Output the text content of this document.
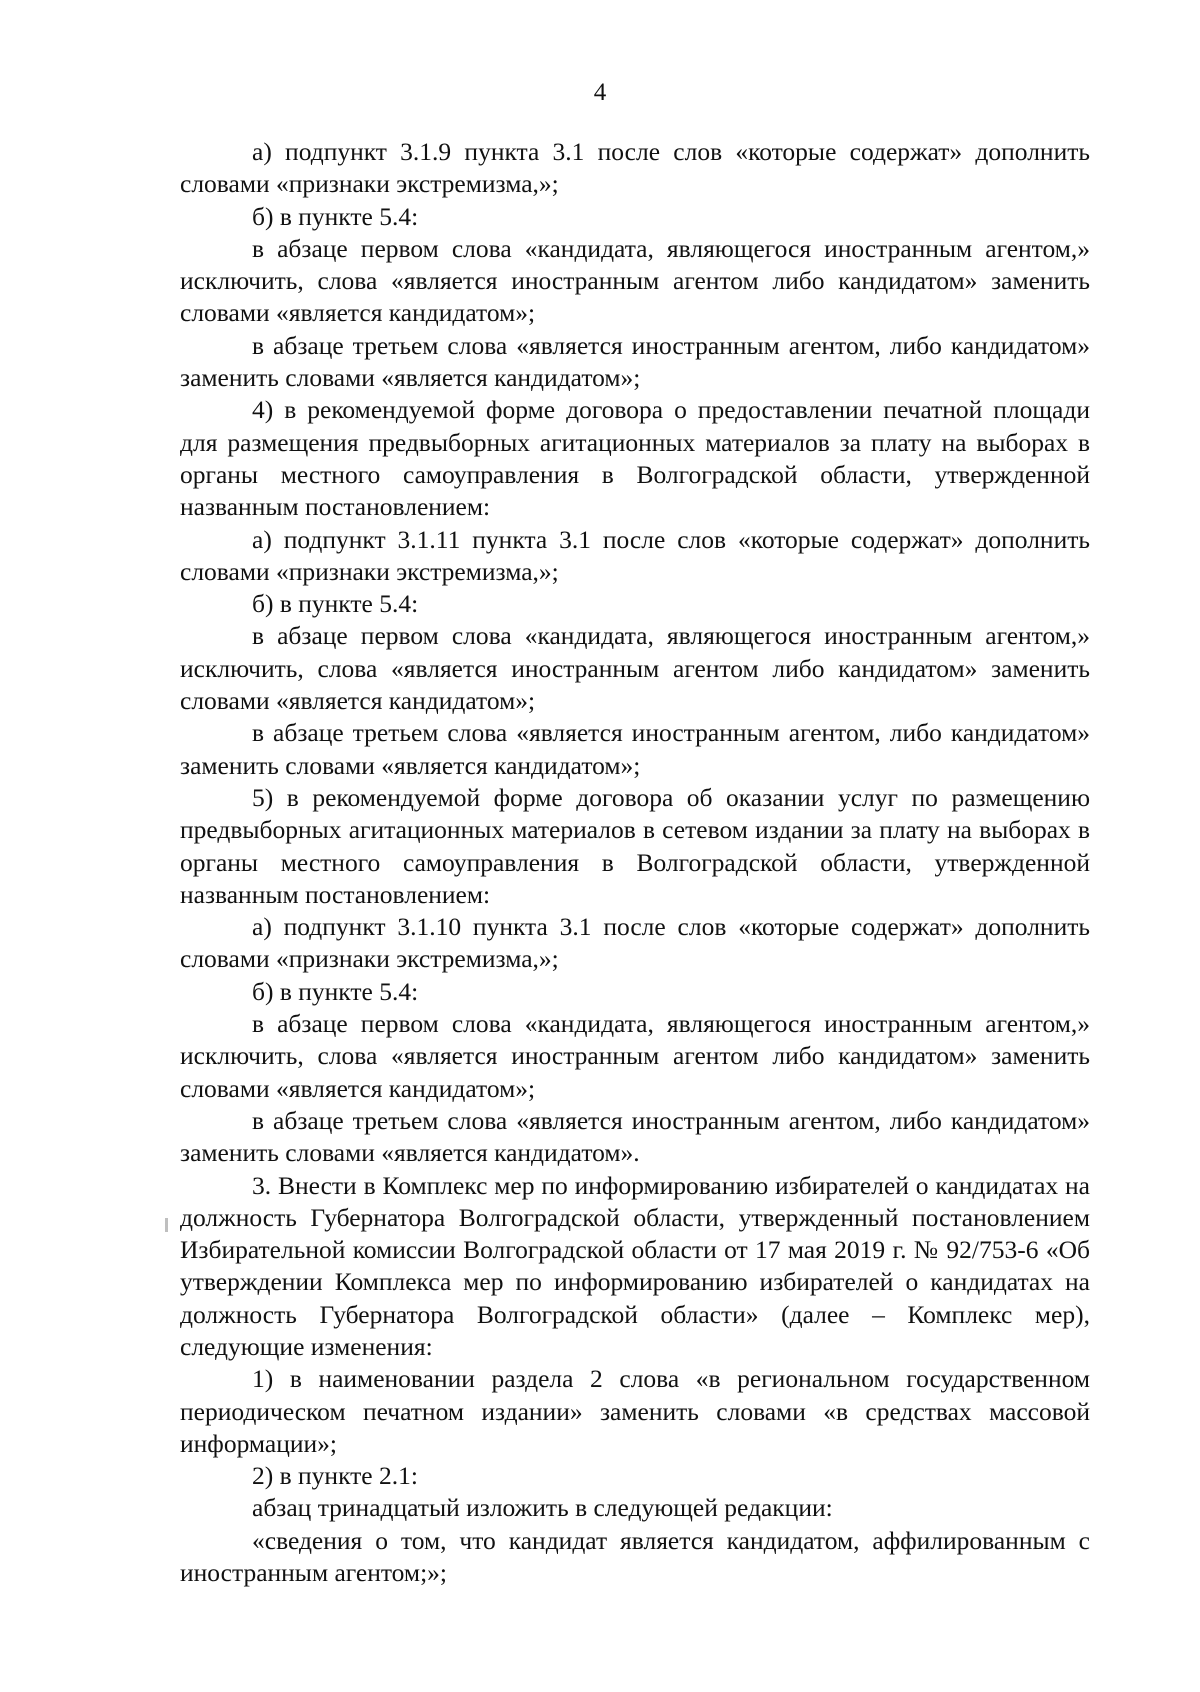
4

а) подпункт 3.1.9 пункта 3.1 после слов «которые содержат» дополнить словами «признаки экстремизма,»;

б) в пункте 5.4:

в абзаце первом слова «кандидата, являющегося иностранным агентом,» исключить, слова «является иностранным агентом либо кандидатом» заменить словами «является кандидатом»;

в абзаце третьем слова «является иностранным агентом, либо кандидатом» заменить словами «является кандидатом»;

4) в рекомендуемой форме договора о предоставлении печатной площади для размещения предвыборных агитационных материалов за плату на выборах в органы местного самоуправления в Волгоградской области, утвержденной названным постановлением:

а) подпункт 3.1.11 пункта 3.1 после слов «которые содержат» дополнить словами «признаки экстремизма,»;

б) в пункте 5.4:

в абзаце первом слова «кандидата, являющегося иностранным агентом,» исключить, слова «является иностранным агентом либо кандидатом» заменить словами «является кандидатом»;

в абзаце третьем слова «является иностранным агентом, либо кандидатом» заменить словами «является кандидатом»;

5) в рекомендуемой форме договора об оказании услуг по размещению предвыборных агитационных материалов в сетевом издании за плату на выборах в органы местного самоуправления в Волгоградской области, утвержденной названным постановлением:

а) подпункт 3.1.10 пункта 3.1 после слов «которые содержат» дополнить словами «признаки экстремизма,»;

б) в пункте 5.4:

в абзаце первом слова «кандидата, являющегося иностранным агентом,» исключить, слова «является иностранным агентом либо кандидатом» заменить словами «является кандидатом»;

в абзаце третьем слова «является иностранным агентом, либо кандидатом» заменить словами «является кандидатом».

3. Внести в Комплекс мер по информированию избирателей о кандидатах на должность Губернатора Волгоградской области, утвержденный постановлением Избирательной комиссии Волгоградской области от 17 мая 2019 г. № 92/753-6 «Об утверждении Комплекса мер по информированию избирателей о кандидатах на должность Губернатора Волгоградской области» (далее – Комплекс мер), следующие изменения:

1) в наименовании раздела 2 слова «в региональном государственном периодическом печатном издании» заменить словами «в средствах массовой информации»;

2) в пункте 2.1:

абзац тринадцатый изложить в следующей редакции:

«сведения о том, что кандидат является кандидатом, аффилированным с иностранным агентом;»;
